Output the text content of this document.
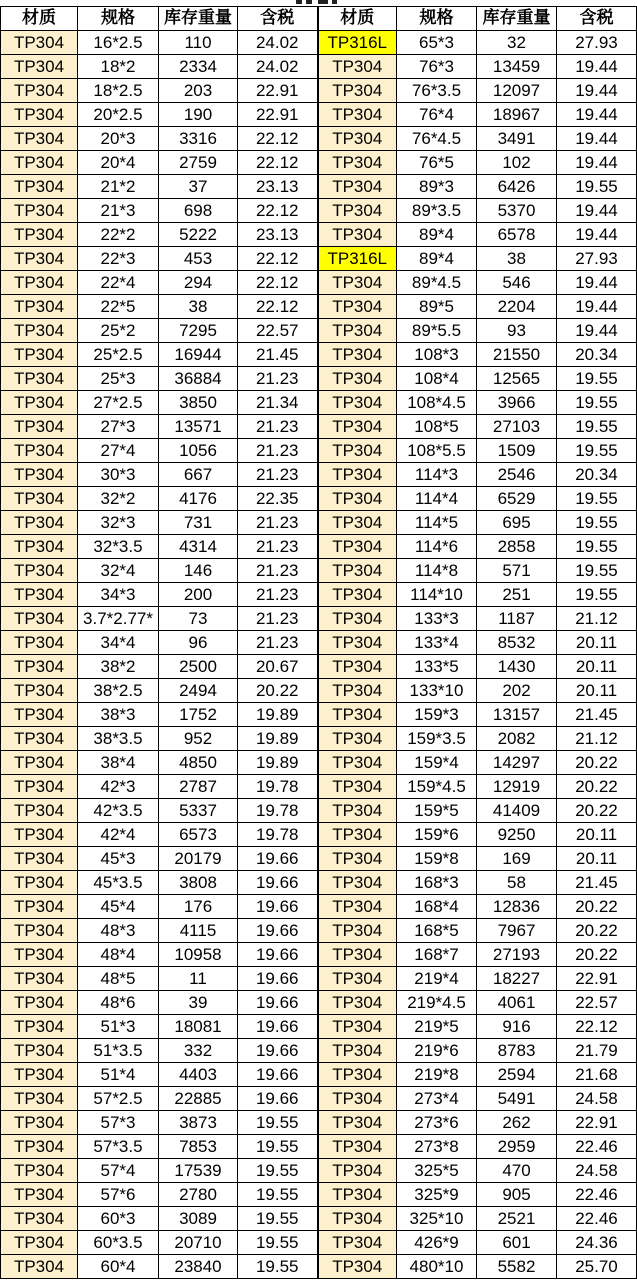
材质	规格	库存重量	含税	材质	规格	库存重量	含税
TP304	16*2.5	110	24.02	TP316L	65*3	32	27.93
TP304	18*2	2334	24.02	TP304	76*3	13459	19.44
TP304	18*2.5	203	22.91	TP304	76*3.5	12097	19.44
TP304	20*2.5	190	22.91	TP304	76*4	18967	19.44
TP304	20*3	3316	22.12	TP304	76*4.5	3491	19.44
TP304	20*4	2759	22.12	TP304	76*5	102	19.44
TP304	21*2	37	23.13	TP304	89*3	6426	19.55
TP304	21*3	698	22.12	TP304	89*3.5	5370	19.44
TP304	22*2	5222	23.13	TP304	89*4	6578	19.44
TP304	22*3	453	22.12	TP316L	89*4	38	27.93
TP304	22*4	294	22.12	TP304	89*4.5	546	19.44
TP304	22*5	38	22.12	TP304	89*5	2204	19.44
TP304	25*2	7295	22.57	TP304	89*5.5	93	19.44
TP304	25*2.5	16944	21.45	TP304	108*3	21550	20.34
TP304	25*3	36884	21.23	TP304	108*4	12565	19.55
TP304	27*2.5	3850	21.34	TP304	108*4.5	3966	19.55
TP304	27*3	13571	21.23	TP304	108*5	27103	19.55
TP304	27*4	1056	21.23	TP304	108*5.5	1509	19.55
TP304	30*3	667	21.23	TP304	114*3	2546	20.34
TP304	32*2	4176	22.35	TP304	114*4	6529	19.55
TP304	32*3	731	21.23	TP304	114*5	695	19.55
TP304	32*3.5	4314	21.23	TP304	114*6	2858	19.55
TP304	32*4	146	21.23	TP304	114*8	571	19.55
TP304	34*3	200	21.23	TP304	114*10	251	19.55
TP304	3.7*2.77*	73	21.23	TP304	133*3	1187	21.12
TP304	34*4	96	21.23	TP304	133*4	8532	20.11
TP304	38*2	2500	20.67	TP304	133*5	1430	20.11
TP304	38*2.5	2494	20.22	TP304	133*10	202	20.11
TP304	38*3	1752	19.89	TP304	159*3	13157	21.45
TP304	38*3.5	952	19.89	TP304	159*3.5	2082	21.12
TP304	38*4	4850	19.89	TP304	159*4	14297	20.22
TP304	42*3	2787	19.78	TP304	159*4.5	12919	20.22
TP304	42*3.5	5337	19.78	TP304	159*5	41409	20.22
TP304	42*4	6573	19.78	TP304	159*6	9250	20.11
TP304	45*3	20179	19.66	TP304	159*8	169	20.11
TP304	45*3.5	3808	19.66	TP304	168*3	58	21.45
TP304	45*4	176	19.66	TP304	168*4	12836	20.22
TP304	48*3	4115	19.66	TP304	168*5	7967	20.22
TP304	48*4	10958	19.66	TP304	168*7	27193	20.22
TP304	48*5	11	19.66	TP304	219*4	18227	22.91
TP304	48*6	39	19.66	TP304	219*4.5	4061	22.57
TP304	51*3	18081	19.66	TP304	219*5	916	22.12
TP304	51*3.5	332	19.66	TP304	219*6	8783	21.79
TP304	51*4	4403	19.66	TP304	219*8	2594	21.68
TP304	57*2.5	22885	19.66	TP304	273*4	5491	24.58
TP304	57*3	3873	19.55	TP304	273*6	262	22.91
TP304	57*3.5	7853	19.55	TP304	273*8	2959	22.46
TP304	57*4	17539	19.55	TP304	325*5	470	24.58
TP304	57*6	2780	19.55	TP304	325*9	905	22.46
TP304	60*3	3089	19.55	TP304	325*10	2521	22.46
TP304	60*3.5	20710	19.55	TP304	426*9	601	24.36
TP304	60*4	23840	19.55	TP304	480*10	5582	25.70
